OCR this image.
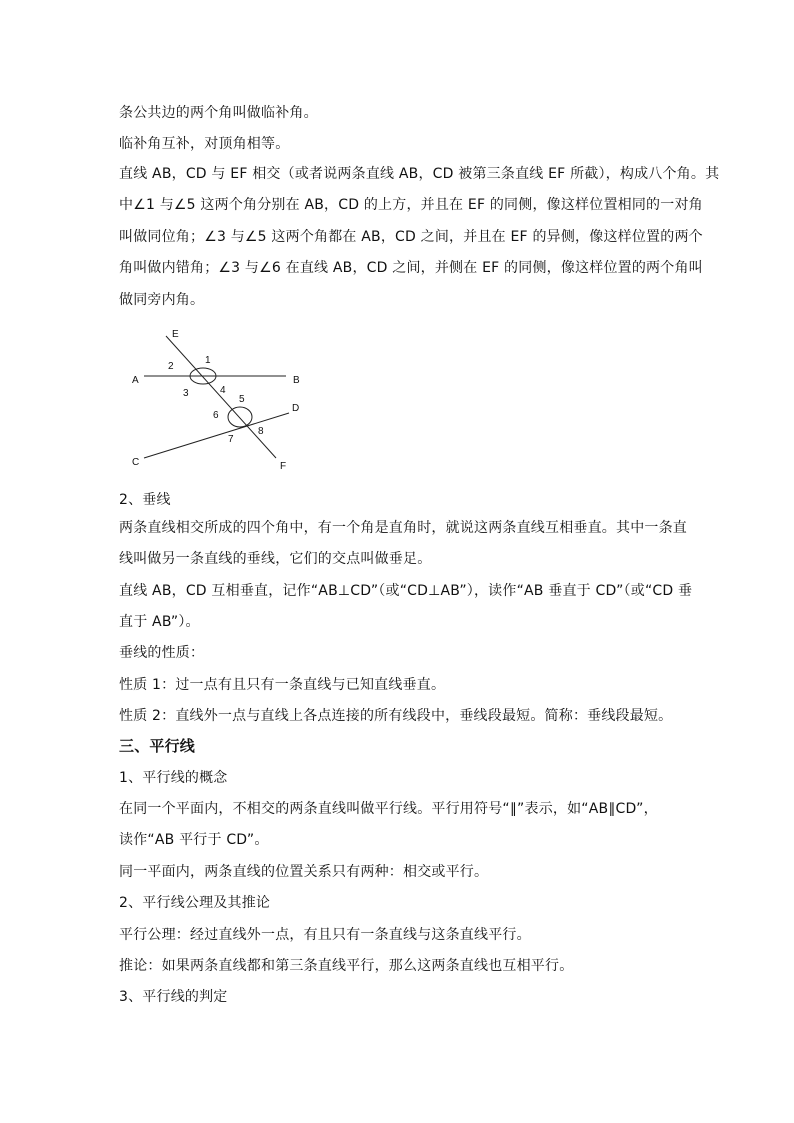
条公共边的两个角叫做临补角。
临补角互补，对顶角相等。
直线 AB，CD 与 EF 相交（或者说两条直线 AB，CD 被第三条直线 EF 所截），构成八个角。其
中∠1 与∠5 这两个角分别在 AB，CD 的上方，并且在 EF 的同侧，像这样位置相同的一对角
叫做同位角；∠3 与∠5 这两个角都在 AB，CD 之间，并且在 EF 的异侧，像这样位置的两个
角叫做内错角；∠3 与∠6 在直线 AB，CD 之间，并侧在 EF 的同侧，像这样位置的两个角叫
做同旁内角。
E
A	B
C
D
F
1
2
3	4
5
6
7
8
2、垂线
两条直线相交所成的四个角中，有一个角是直角时，就说这两条直线互相垂直。其中一条直
线叫做另一条直线的垂线，它们的交点叫做垂足。
直线 AB，CD 互相垂直，记作“AB⊥CD”（或“CD⊥AB”），读作“AB 垂直于 CD”（或“CD 垂
直于 AB”）。
垂线的性质：
性质 1：过一点有且只有一条直线与已知直线垂直。
性质 2：直线外一点与直线上各点连接的所有线段中，垂线段最短。简称：垂线段最短。
三、平行线
1、平行线的概念
在同一个平面内，不相交的两条直线叫做平行线。平行用符号“∥”表示，如“AB∥CD”，
读作“AB 平行于 CD”。
同一平面内，两条直线的位置关系只有两种：相交或平行。
2、平行线公理及其推论
平行公理：经过直线外一点，有且只有一条直线与这条直线平行。
推论：如果两条直线都和第三条直线平行，那么这两条直线也互相平行。
3、平行线的判定
